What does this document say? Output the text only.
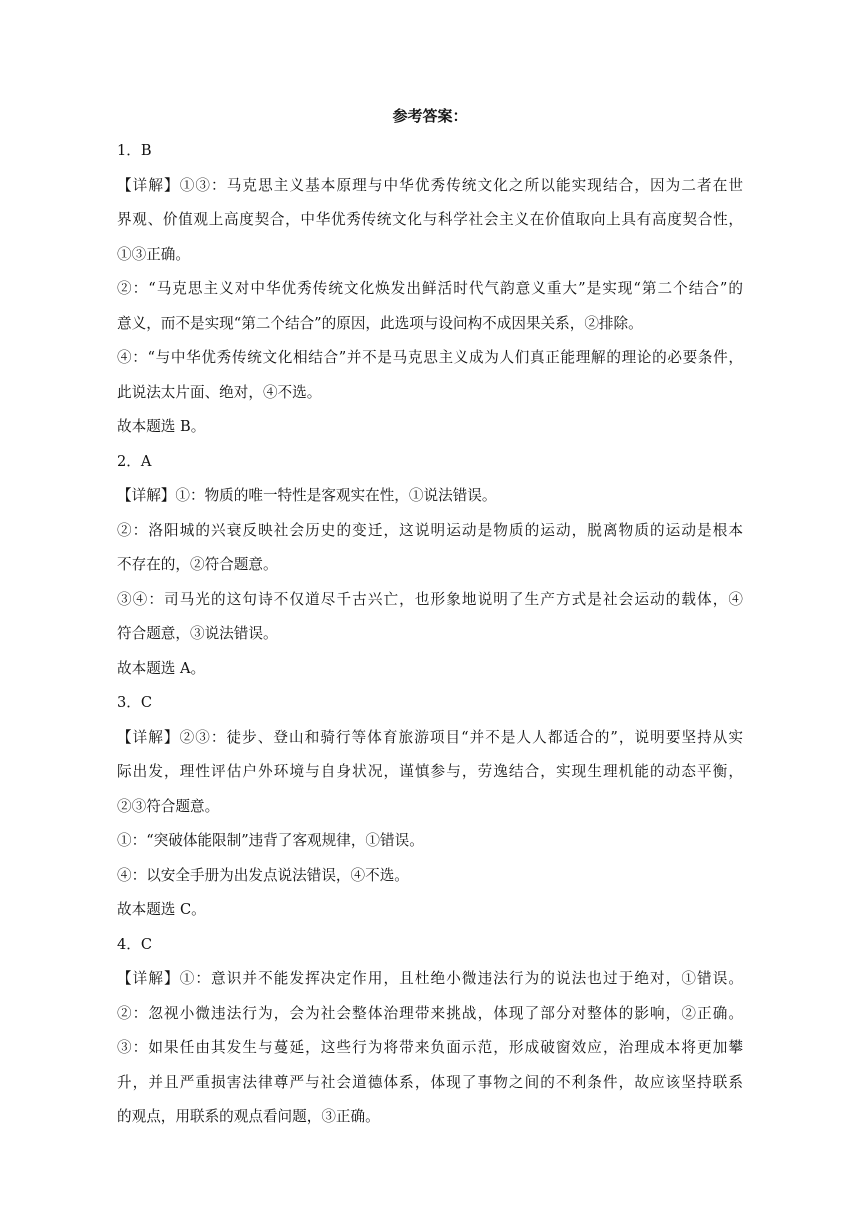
参考答案：
1．B
【详解】①③：马克思主义基本原理与中华优秀传统文化之所以能实现结合，因为二者在世
界观、价值观上高度契合，中华优秀传统文化与科学社会主义在价值取向上具有高度契合性，
①③正确。
②：“马克思主义对中华优秀传统文化焕发出鲜活时代气韵意义重大”是实现“第二个结合”的
意义，而不是实现“第二个结合”的原因，此选项与设问构不成因果关系，②排除。
④：“与中华优秀传统文化相结合”并不是马克思主义成为人们真正能理解的理论的必要条件，
此说法太片面、绝对，④不选。
故本题选 B。
2．A
【详解】①：物质的唯一特性是客观实在性，①说法错误。
②：洛阳城的兴衰反映社会历史的变迁，这说明运动是物质的运动，脱离物质的运动是根本
不存在的，②符合题意。
③④：司马光的这句诗不仅道尽千古兴亡，也形象地说明了生产方式是社会运动的载体，④
符合题意，③说法错误。
故本题选 A。
3．C
【详解】②③：徒步、登山和骑行等体育旅游项目“并不是人人都适合的”，说明要坚持从实
际出发，理性评估户外环境与自身状况，谨慎参与，劳逸结合，实现生理机能的动态平衡，
②③符合题意。
①：“突破体能限制”违背了客观规律，①错误。
④：以安全手册为出发点说法错误，④不选。
故本题选 C。
4．C
【详解】①：意识并不能发挥决定作用，且杜绝小微违法行为的说法也过于绝对，①错误。
②：忽视小微违法行为，会为社会整体治理带来挑战，体现了部分对整体的影响，②正确。
③：如果任由其发生与蔓延，这些行为将带来负面示范，形成破窗效应，治理成本将更加攀
升，并且严重损害法律尊严与社会道德体系，体现了事物之间的不利条件，故应该坚持联系
的观点，用联系的观点看问题，③正确。
